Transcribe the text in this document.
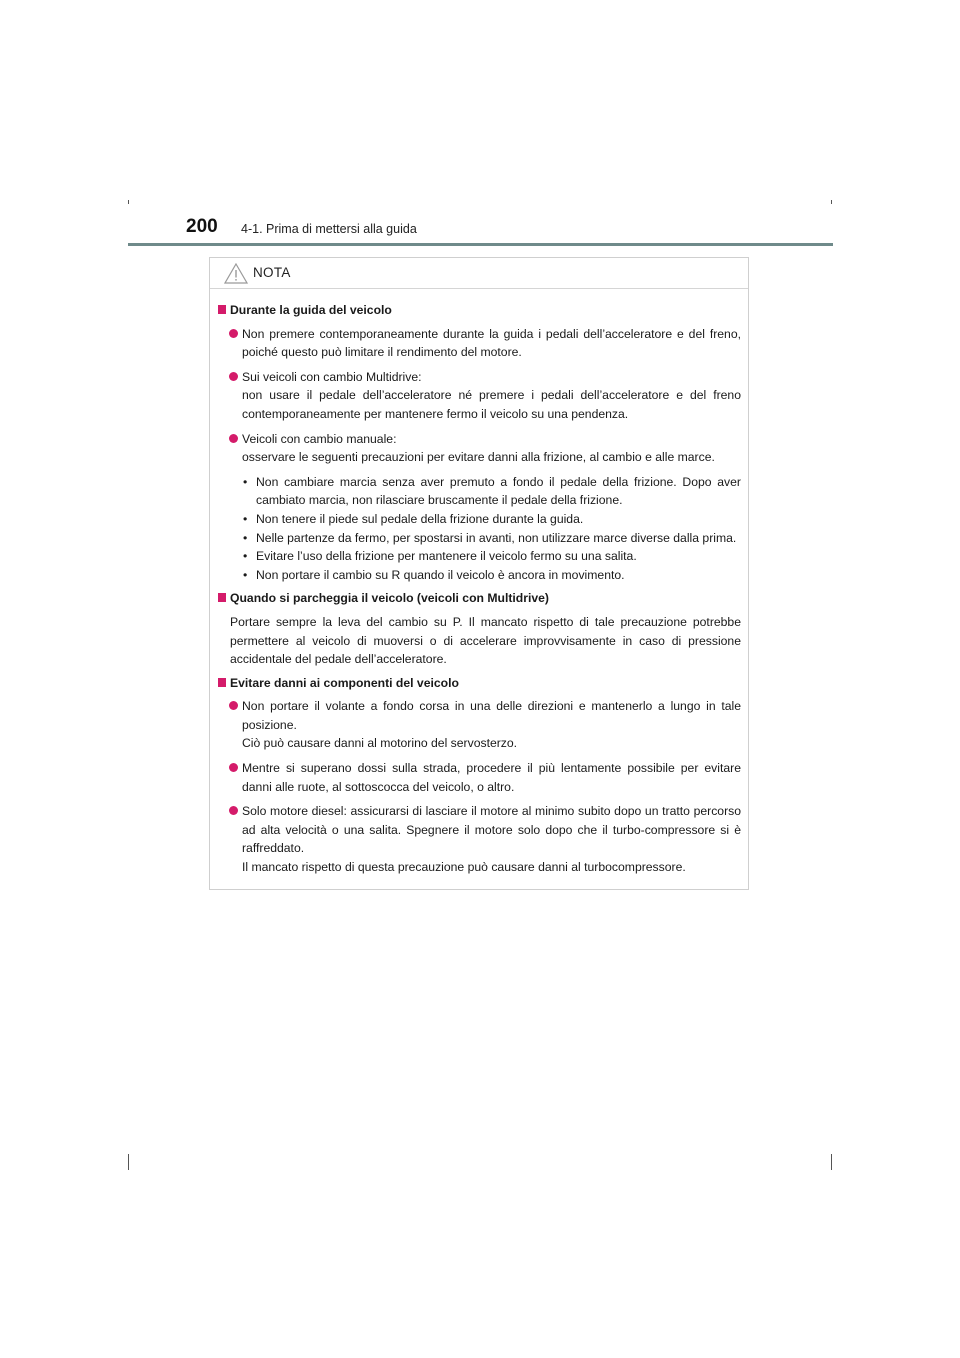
200 4-1. Prima di mettersi alla guida
NOTA
Durante la guida del veicolo

Non premere contemporaneamente durante la guida i pedali dell’acceleratore e del freno, poiché questo può limitare il rendimento del motore.

Sui veicoli con cambio Multidrive:

non usare il pedale dell’acceleratore né premere i pedali dell’acceleratore e del freno contemporaneamente per mantenere fermo il veicolo su una pendenza.

Veicoli con cambio manuale:

osservare le seguenti precauzioni per evitare danni alla frizione, al cambio e alle marce.

• Non cambiare marcia senza aver premuto a fondo il pedale della frizione. Dopo aver cambiato marcia, non rilasciare bruscamente il pedale della frizione.

• Non tenere il piede sul pedale della frizione durante la guida.

• Nelle partenze da fermo, per spostarsi in avanti, non utilizzare marce diverse dalla prima.

• Evitare l’uso della frizione per mantenere il veicolo fermo su una salita.

• Non portare il cambio su R quando il veicolo è ancora in movimento.

Quando si parcheggia il veicolo (veicoli con Multidrive)

Portare sempre la leva del cambio su P. Il mancato rispetto di tale precauzione potrebbe permettere al veicolo di muoversi o di accelerare improvvisamente in caso di pressione accidentale del pedale dell’acceleratore.

Evitare danni ai componenti del veicolo

Non portare il volante a fondo corsa in una delle direzioni e mantenerlo a lungo in tale posizione.

Ciò può causare danni al motorino del servosterzo.

Mentre si superano dossi sulla strada, procedere il più lentamente possibile per evitare danni alle ruote, al sottoscocca del veicolo, o altro.

Solo motore diesel: assicurarsi di lasciare il motore al minimo subito dopo un tratto percorso ad alta velocità o una salita. Spegnere il motore solo dopo che il turbo-compressore si è raffreddato.

Il mancato rispetto di questa precauzione può causare danni al turbocompressore.
